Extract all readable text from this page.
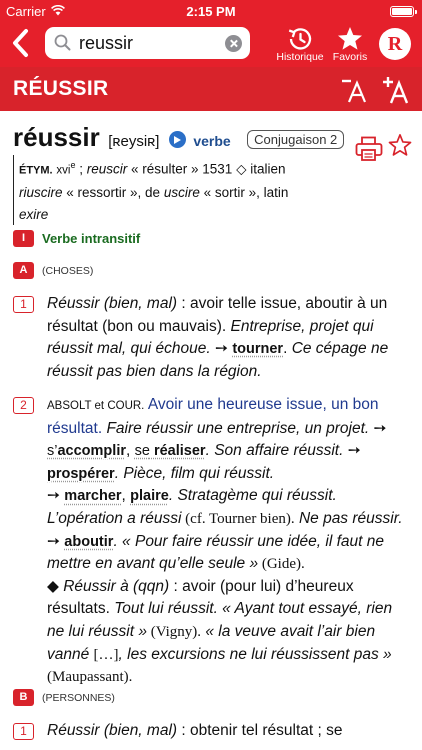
Carrier	2:15 PM
reussir
Historique Favoris
R
RÉUSSIR
réussir [ʀeysiʀ] verbe Conjugaison 2
ÉTYM. xvi$^e$ ; reuscir « résulter » 1531 ◇ italien
riuscire « ressortir », de uscire « sortir », latin
exire
I Verbe intransitif
A (CHOSES)
1	Réussir (bien, mal) : avoir telle issue, aboutir à un résultat (bon ou mauvais). Entreprise, projet qui réussit mal, qui échoue. ➙ tourner. Ce cépage ne réussit pas bien dans la région.
2	ABSOLT et COUR. Avoir une heureuse issue, un bon résultat. Faire réussir une entreprise, un projet. ➙ s’accomplir, se réaliser. Son affaire réussit. ➙ prospérer. Pièce, film qui réussit.
➙ marcher, plaire. Stratagème qui réussit. L’opération a réussi (cf. Tourner bien). Ne pas réussir. ➙ aboutir. « Pour faire réussir une idée, il faut ne mettre en avant qu’elle seule » (Gide).
◆ Réussir à (qqn) : avoir (pour lui) d’heureux résultats. Tout lui réussit. « Ayant tout essayé, rien ne lui réussit » (Vigny). « la veuve avait l’air bien vanné […], les excursions ne lui réussissent pas » (Maupassant).
B (PERSONNES)
1	Réussir (bien, mal) : obtenir tel résultat ; se
